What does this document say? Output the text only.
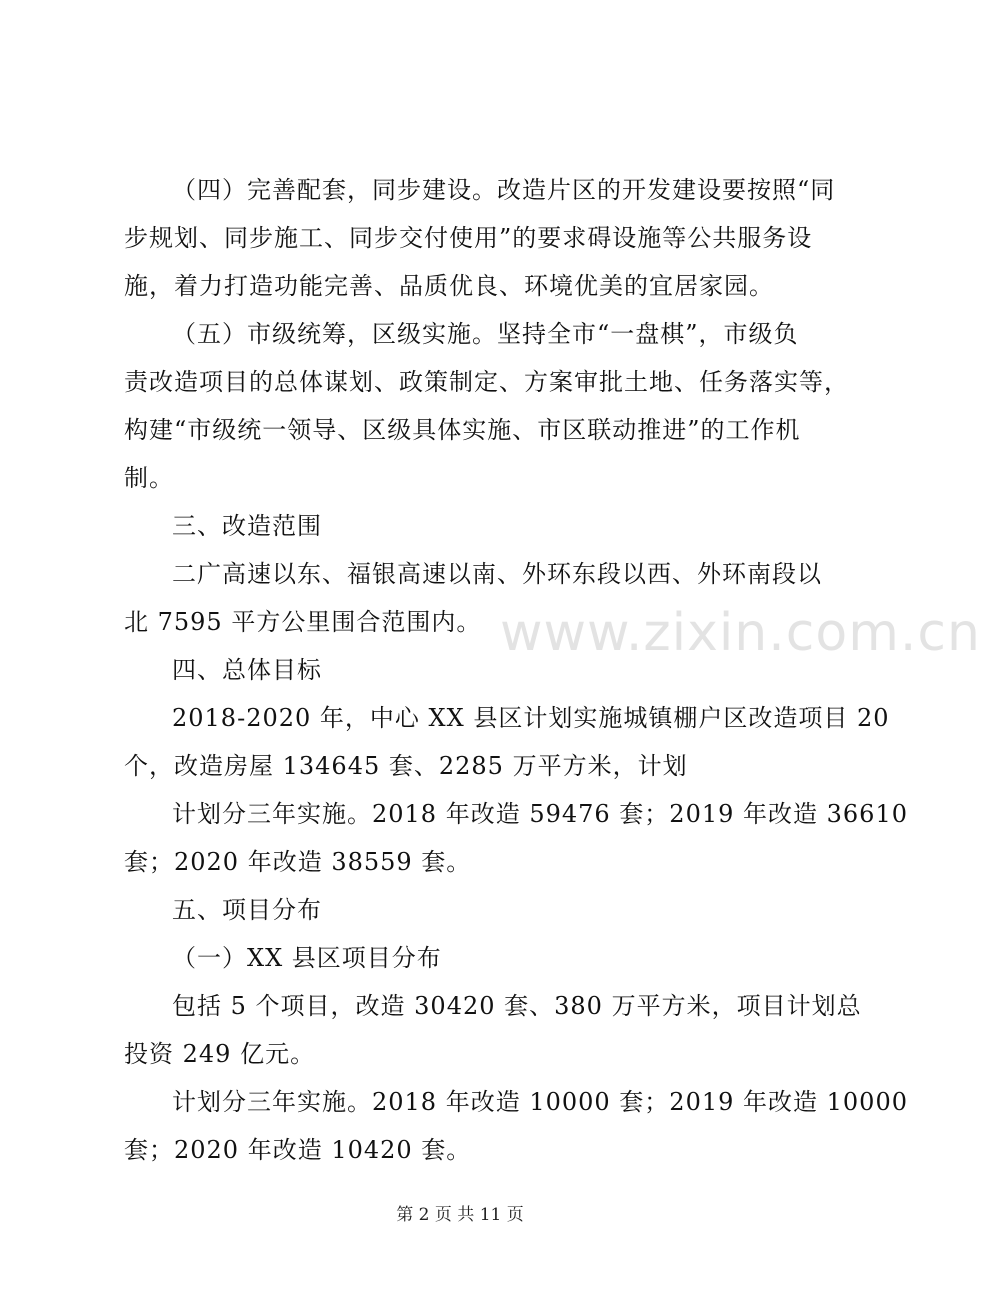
www.zixin.com.cn
（四）完善配套，同步建设。改造片区的开发建设要按照“同
步规划、同步施工、同步交付使用”的要求碍设施等公共服务设
施，着力打造功能完善、品质优良、环境优美的宜居家园。
（五）市级统筹，区级实施。坚持全市“一盘棋”，市级负
责改造项目的总体谋划、政策制定、方案审批土地、任务落实等，
构建“市级统一领导、区级具体实施、市区联动推进”的工作机
制。
三、改造范围
二广高速以东、福银高速以南、外环东段以西、外环南段以
北 7595 平方公里围合范围内。
四、总体目标
2018-2020 年，中心 XX 县区计划实施城镇棚户区改造项目 20
个，改造房屋 134645 套、2285 万平方米，计划
计划分三年实施。2018 年改造 59476 套；2019 年改造 36610
套；2020 年改造 38559 套。
五、项目分布
（一）XX 县区项目分布
包括 5 个项目，改造 30420 套、380 万平方米，项目计划总
投资 249 亿元。
计划分三年实施。2018 年改造 10000 套；2019 年改造 10000
套；2020 年改造 10420 套。
第 2 页 共 11 页
